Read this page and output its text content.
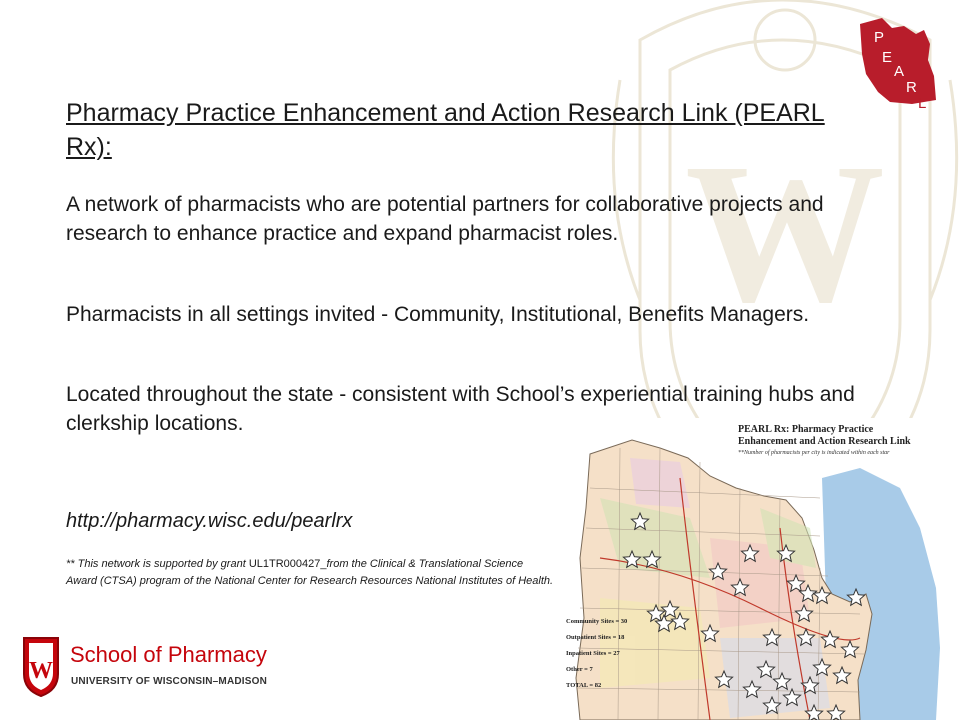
W
P
E
A
R
L
Pharmacy Practice Enhancement and Action Research Link (PEARL Rx):

A network of pharmacists who are potential partners for collaborative projects and research to enhance practice and expand pharmacist roles.

Pharmacists in all settings invited - Community, Institutional, Benefits Managers.

Located throughout the state - consistent with School’s experiential training hubs and clerkship locations.

http://pharmacy.wisc.edu/pearlrx
** This network is supported by grant UL1TR000427_from the Clinical & Translational Science Award (CTSA) program of the National Center for Research Resources National Institutes of Health.
W
School of Pharmacy
UNIVERSITY OF WISCONSIN–MADISON
PEARL Rx: Pharmacy Practice
Enhancement and Action Research Link
**Number of pharmacists per city is indicated within each star
Community Sites = 30
Outpatient Sites = 18
Inpatient Sites = 27
Other = 7
TOTAL = 82
